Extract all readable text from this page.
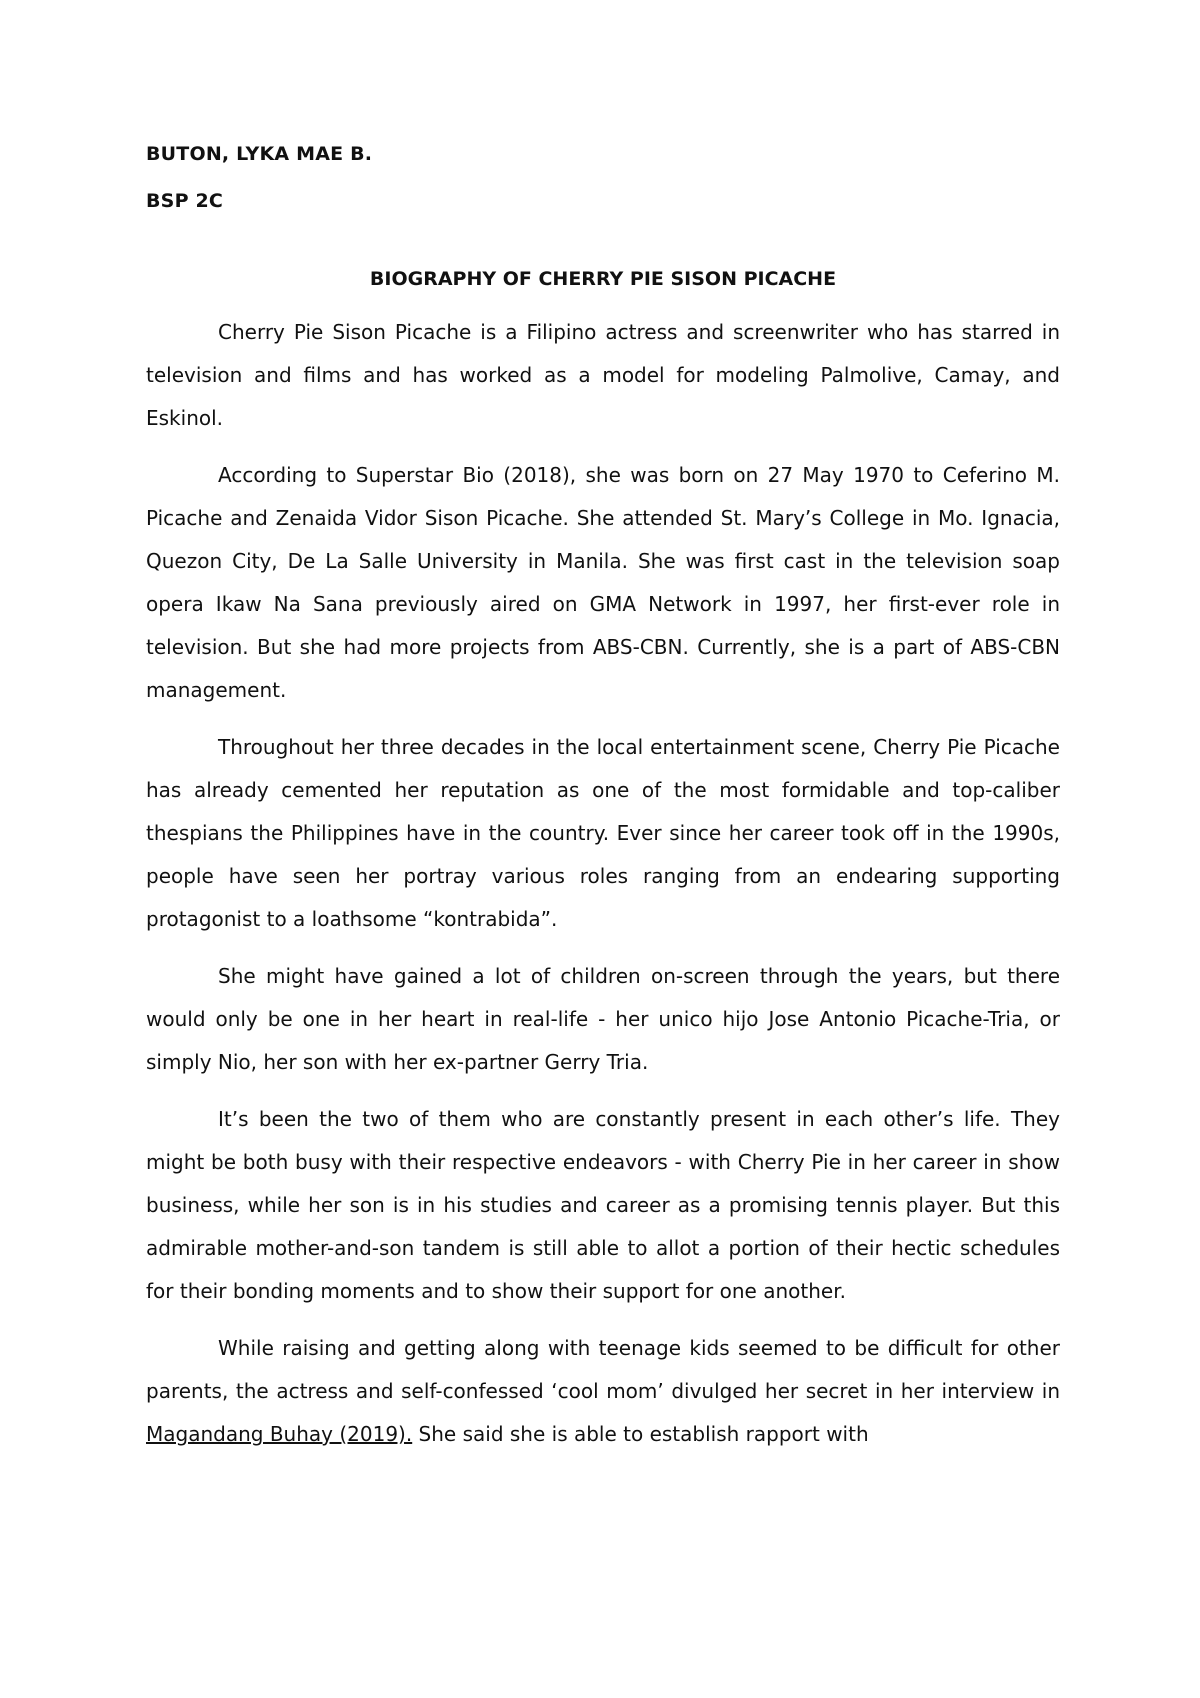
BUTON, LYKA MAE B.

BSP 2C

BIOGRAPHY OF CHERRY PIE SISON PICACHE

Cherry Pie Sison Picache is a Filipino actress and screenwriter who has starred in television and films and has worked as a model for modeling Palmolive, Camay, and Eskinol.

According to Superstar Bio (2018), she was born on 27 May 1970 to Ceferino M. Picache and Zenaida Vidor Sison Picache. She attended St. Mary’s College in Mo. Ignacia, Quezon City, De La Salle University in Manila. She was first cast in the television soap opera Ikaw Na Sana previously aired on GMA Network in 1997, her first-ever role in television. But she had more projects from ABS-CBN. Currently, she is a part of ABS-CBN management.

Throughout her three decades in the local entertainment scene, Cherry Pie Picache has already cemented her reputation as one of the most formidable and top-caliber thespians the Philippines have in the country. Ever since her career took off in the 1990s, people have seen her portray various roles ranging from an endearing supporting protagonist to a loathsome “kontrabida”.

She might have gained a lot of children on-screen through the years, but there would only be one in her heart in real-life - her unico hijo Jose Antonio Picache-Tria, or simply Nio, her son with her ex-partner Gerry Tria.

It’s been the two of them who are constantly present in each other’s life. They might be both busy with their respective endeavors - with Cherry Pie in her career in show business, while her son is in his studies and career as a promising tennis player. But this admirable mother-and-son tandem is still able to allot a portion of their hectic schedules for their bonding moments and to show their support for one another.

While raising and getting along with teenage kids seemed to be difficult for other parents, the actress and self-confessed ‘cool mom’ divulged her secret in her interview in Magandang Buhay (2019). She said she is able to establish rapport with
